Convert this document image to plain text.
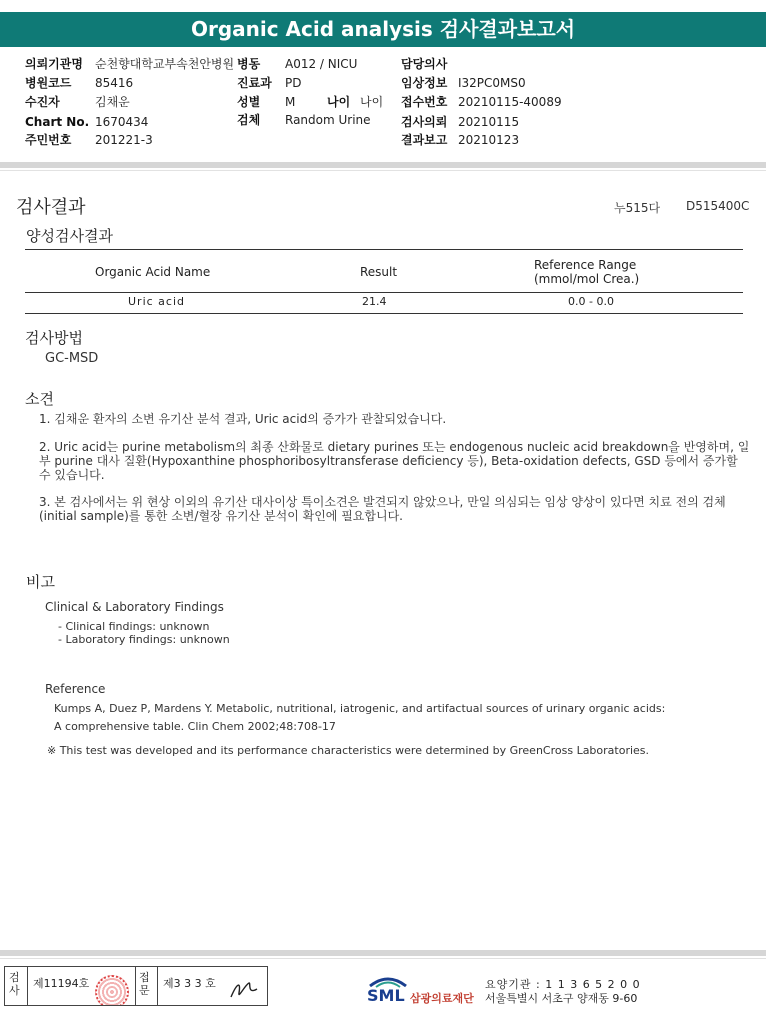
Organic Acid analysis 검사결과보고서
의뢰기관명 순천향대학교부속천안병원 병동 A012 / NICU	담당의사
병원코드 85416	진료과 PD	임상정보 I32PC0MS0
수진자	김채운	성별 M	나이 나이 접수번호 20210115-40089
Chart No. 1670434	검체 Random Urine	검사의뢰 20210115
주민번호 201221-3	결과보고 20210123
검사결과	누515다 D515400C
양성검사결과
Organic Acid Name	Result	Reference Range
(mmol/mol Crea.)
Uric acid	21.4	0.0 - 0.0
검사방법
GC-MSD
소견
1. 김채운 환자의 소변 유기산 분석 결과, Uric acid의 증가가 관찰되었습니다.
2. Uric acid는 purine metabolism의 최종 산화물로 dietary purines 또는 endogenous nucleic acid breakdown을 반영하며, 일부 purine 대사 질환(Hypoxanthine phosphoribosyltransferase deficiency 등), Beta-oxidation defects, GSD 등에서 증가할 수 있습니다.
3. 본 검사에서는 위 현상 이외의 유기산 대사이상 특이소견은 발견되지 않았으나, 만일 의심되는 임상 양상이 있다면 치료 전의 검체 (initial sample)를 통한 소변/혈장 유기산 분석이 확인에 필요합니다.
비고
Clinical & Laboratory Findings
- Clinical findings: unknown
- Laboratory findings: unknown
Reference
Kumps A, Duez P, Mardens Y. Metabolic, nutritional, iatrogenic, and artifactual sources of urinary organic acids:
A comprehensive table. Clin Chem 2002;48:708-17
※ This test was developed and its performance characteristics were determined by GreenCross Laboratories.
검사
제11194호	접문
제3 3 3 호
SML 삼광의료재단
요양기관 : 1 1 3 6 5 2 0 0
서울특별시 서초구 양재동 9-60
